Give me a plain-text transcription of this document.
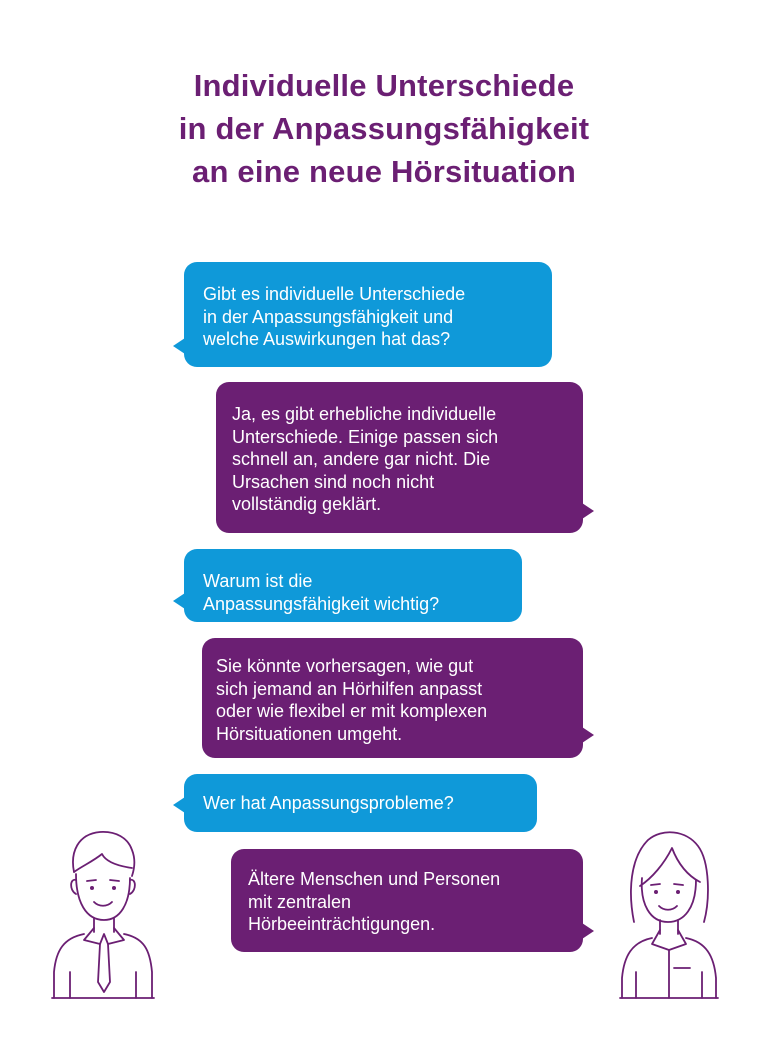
Individuelle Unterschiede
in der Anpassungsfähigkeit
an eine neue Hörsituation
Gibt es individuelle Unterschiede
in der Anpassungsfähigkeit und
welche Auswirkungen hat das?
Ja, es gibt erhebliche individuelle
Unterschiede. Einige passen sich
schnell an, andere gar nicht. Die
Ursachen sind noch nicht
vollständig geklärt.
Warum ist die
Anpassungsfähigkeit wichtig?
Sie könnte vorhersagen, wie gut
sich jemand an Hörhilfen anpasst
oder wie flexibel er mit komplexen
Hörsituationen umgeht.
Wer hat Anpassungsprobleme?
Ältere Menschen und Personen
mit zentralen
Hörbeeinträchtigungen.
